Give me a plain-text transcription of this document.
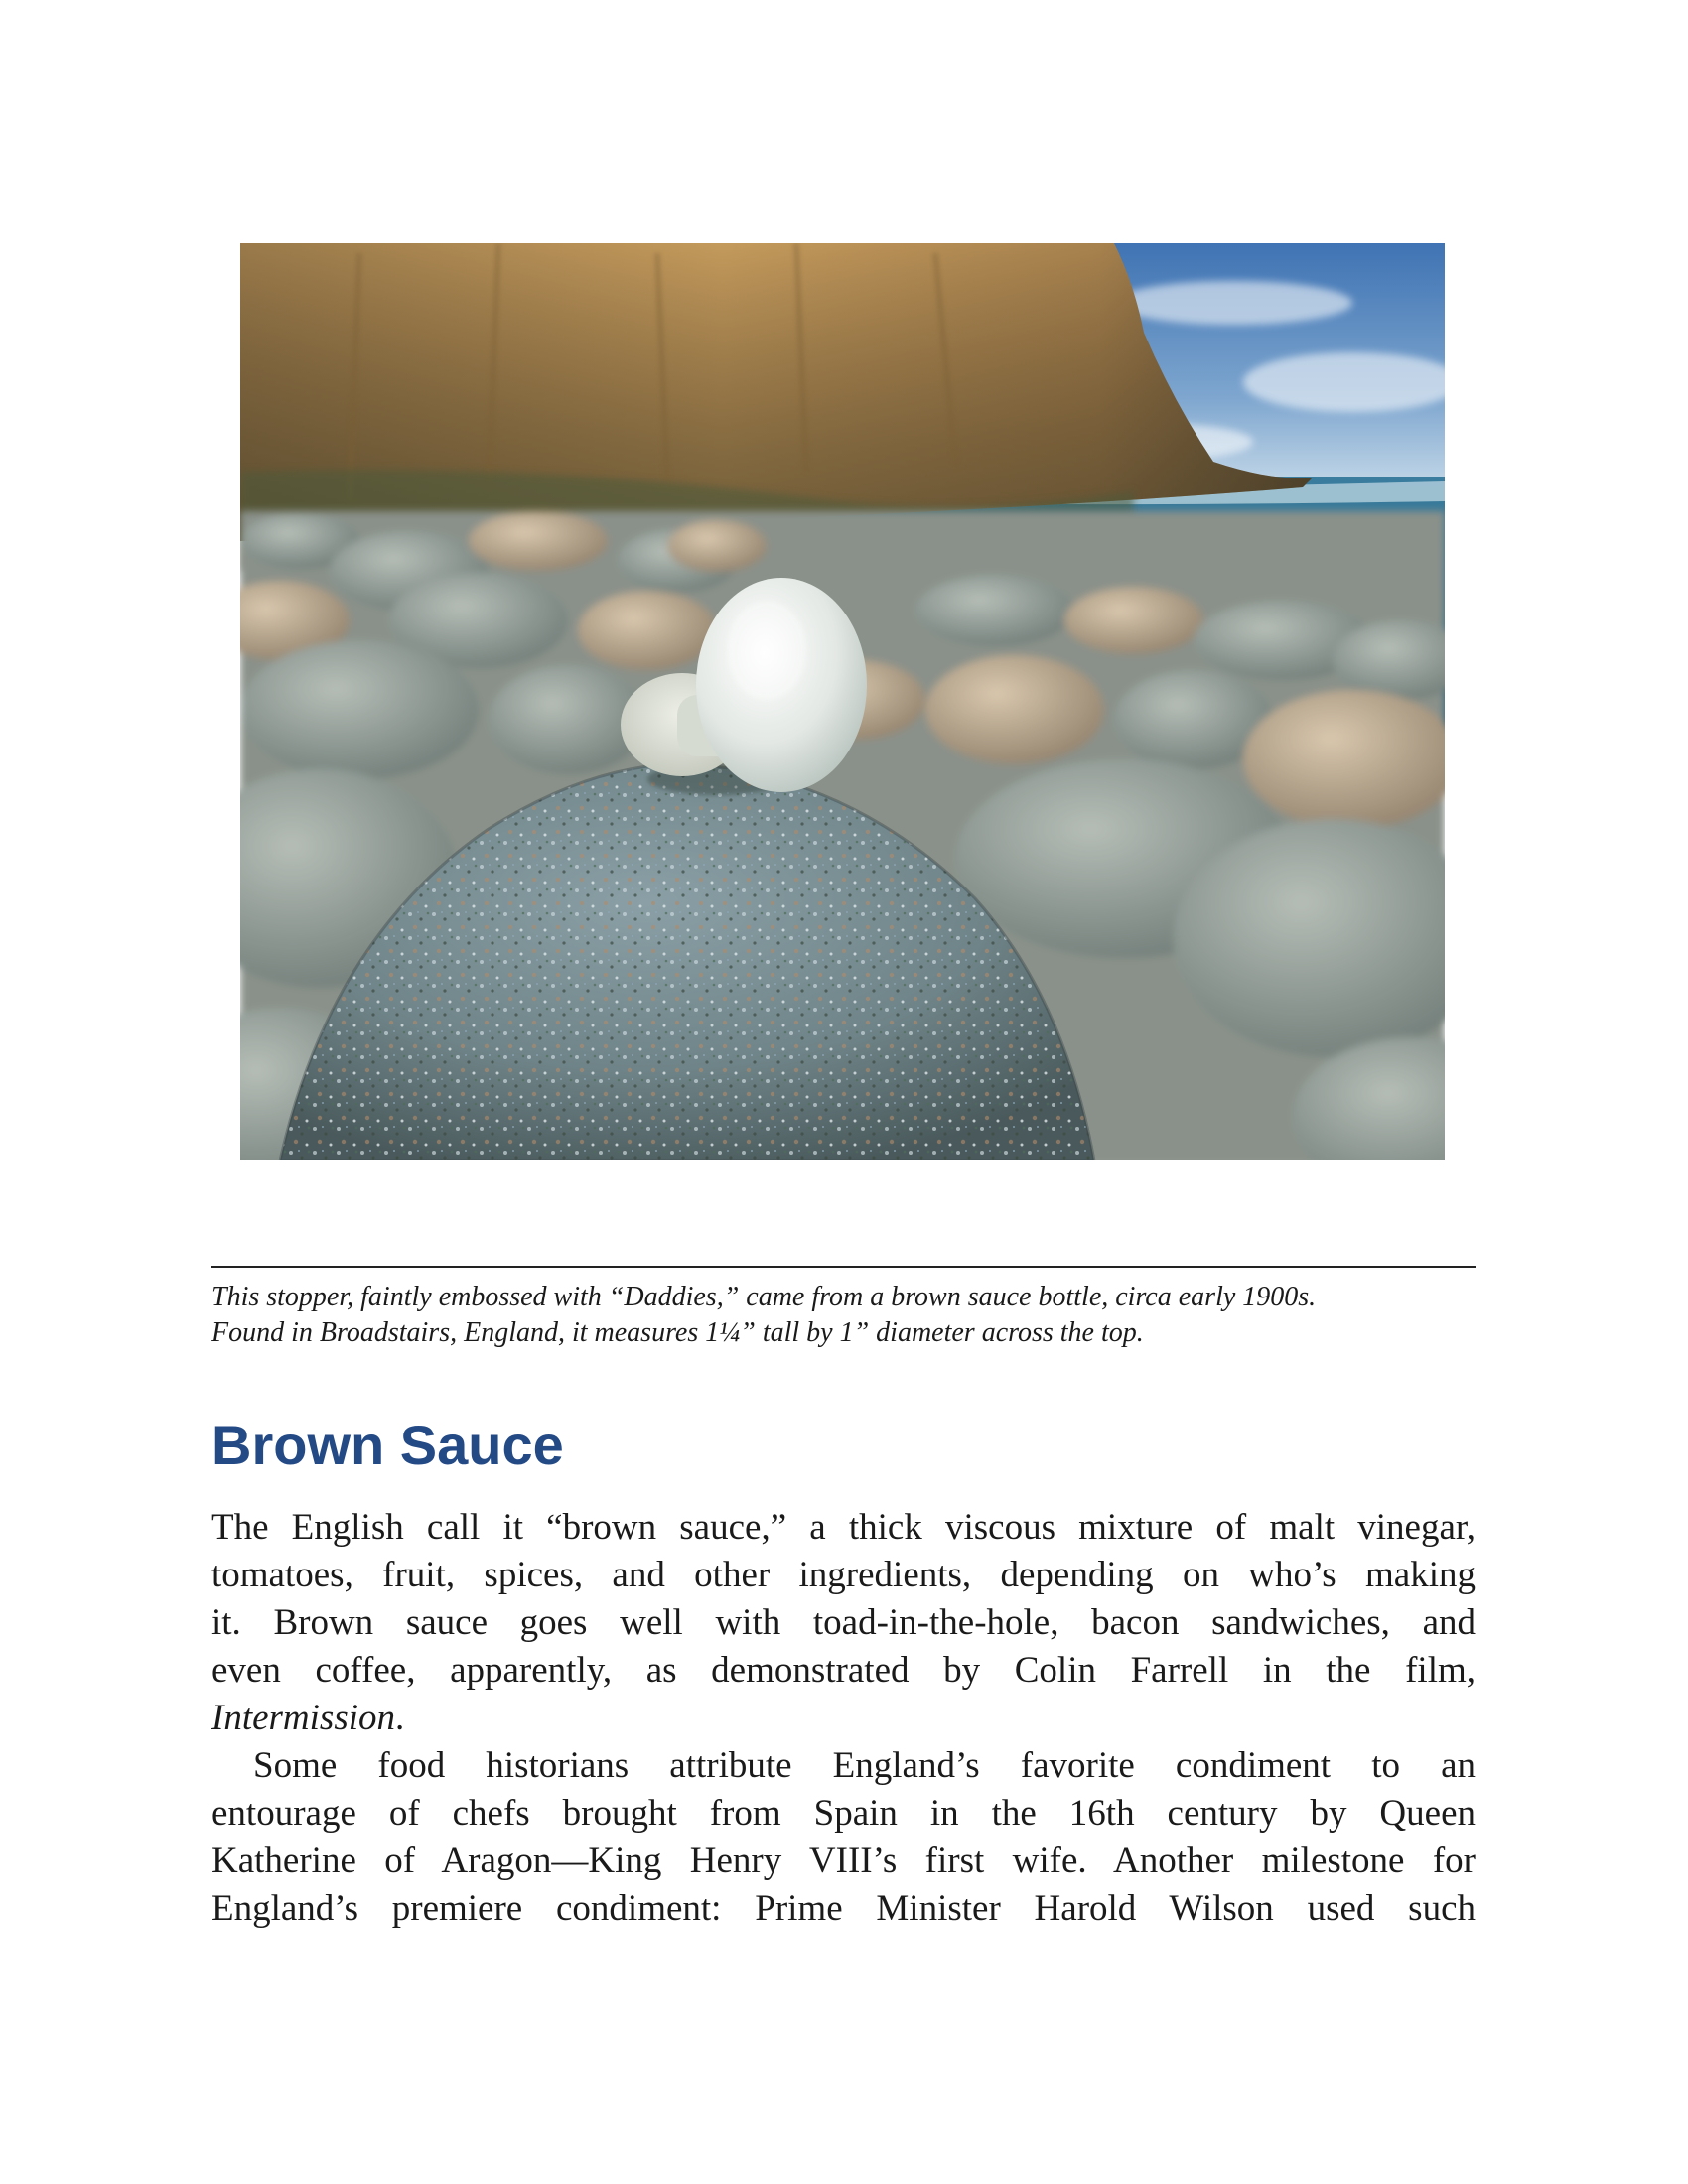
This stopper, faintly embossed with “Daddies,” came from a brown sauce bottle, circa early 1900s.
Found in Broadstairs, England, it measures 1¼” tall by 1” diameter across the top.

Brown Sauce
The English call it “brown sauce,” a thick viscous mixture of malt vinegar,
tomatoes, fruit, spices, and other ingredients, depending on who’s making
it. Brown sauce goes well with toad-in-the-hole, bacon sandwiches, and
even coffee, apparently, as demonstrated by Colin Farrell in the film,
Intermission.
Some food historians attribute England’s favorite condiment to an
entourage of chefs brought from Spain in the 16th century by Queen
Katherine of Aragon—King Henry VIII’s first wife. Another milestone for
England’s premiere condiment: Prime Minister Harold Wilson used such
